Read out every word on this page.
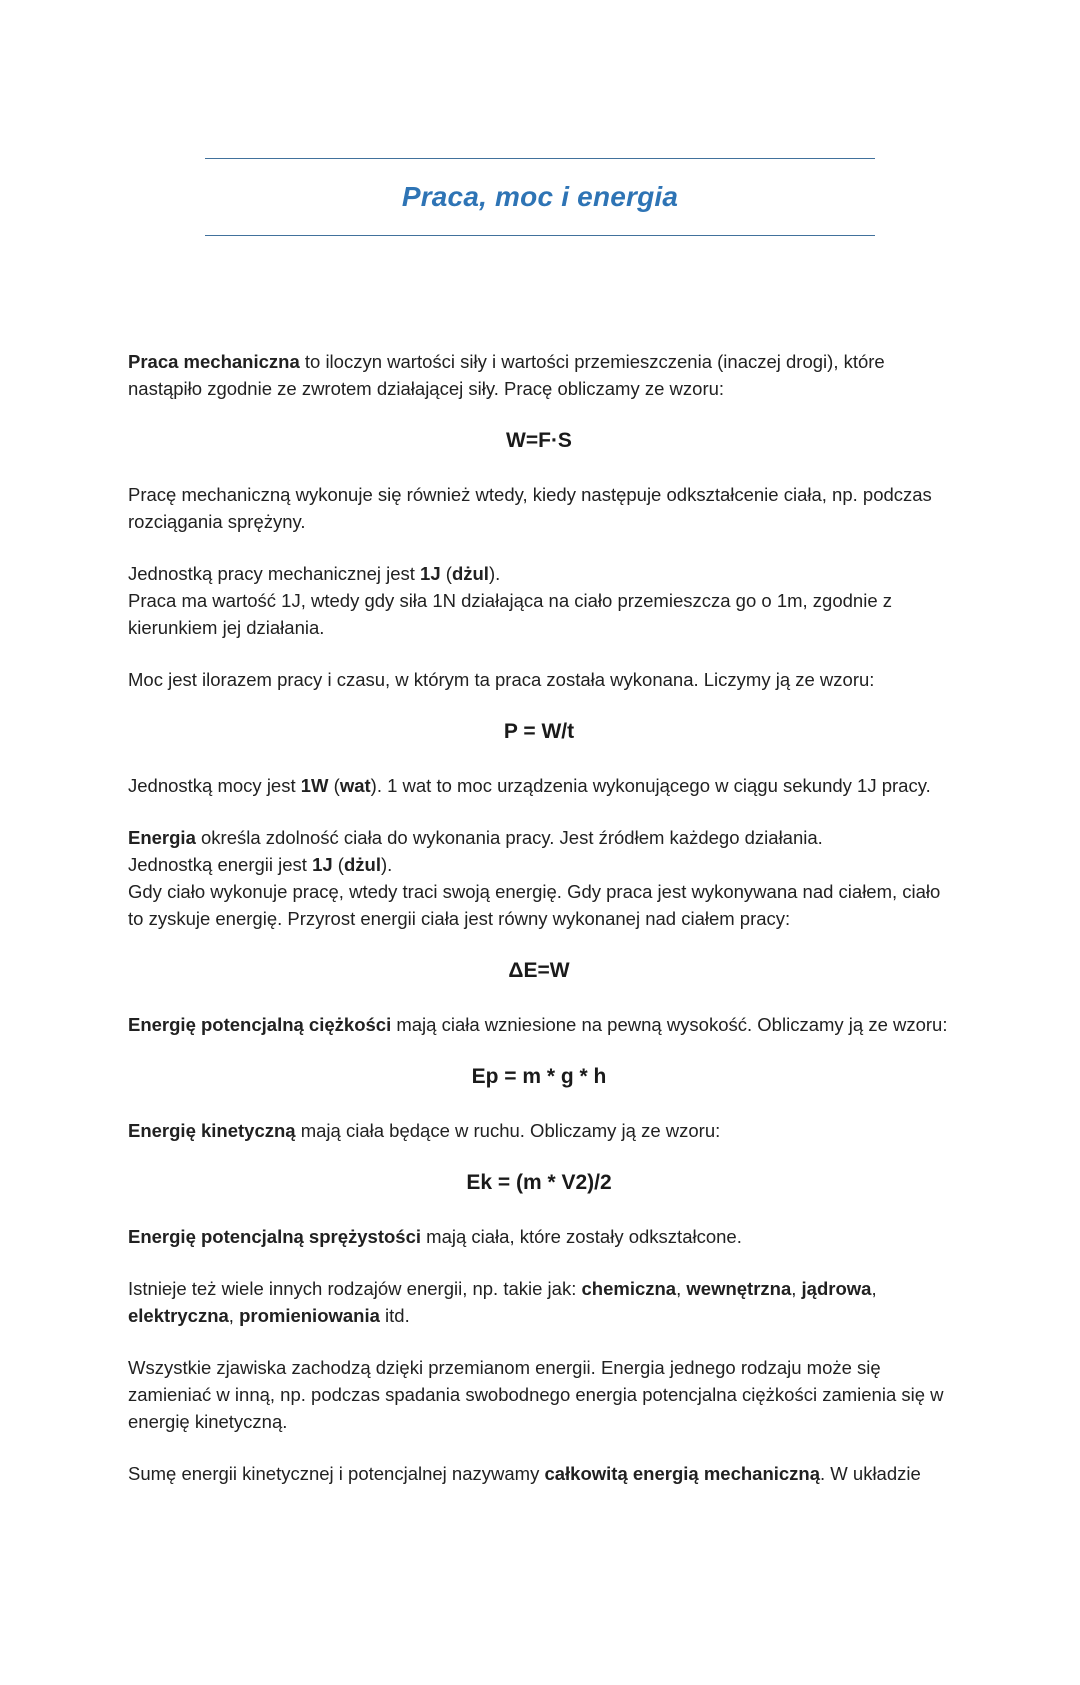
Praca, moc i energia

Praca mechaniczna to iloczyn wartości siły i wartości przemieszczenia (inaczej drogi), które nastąpiło zgodnie ze zwrotem działającej siły. Pracę obliczamy ze wzoru:

W=F·S

Pracę mechaniczną wykonuje się również wtedy, kiedy następuje odkształcenie ciała, np. podczas rozciągania sprężyny.

Jednostką pracy mechanicznej jest 1J (dżul).
Praca ma wartość 1J, wtedy gdy siła 1N działająca na ciało przemieszcza go o 1m, zgodnie z kierunkiem jej działania.

Moc jest ilorazem pracy i czasu, w którym ta praca została wykonana. Liczymy ją ze wzoru:

P = W/t

Jednostką mocy jest 1W (wat). 1 wat to moc urządzenia wykonującego w ciągu sekundy 1J pracy.

Energia określa zdolność ciała do wykonania pracy. Jest źródłem każdego działania.
Jednostką energii jest 1J (dżul).
Gdy ciało wykonuje pracę, wtedy traci swoją energię. Gdy praca jest wykonywana nad ciałem, ciało to zyskuje energię. Przyrost energii ciała jest równy wykonanej nad ciałem pracy:

ΔE=W

Energię potencjalną ciężkości mają ciała wzniesione na pewną wysokość. Obliczamy ją ze wzoru:

Ep = m * g * h

Energię kinetyczną mają ciała będące w ruchu. Obliczamy ją ze wzoru:

Ek = (m * V2)/2

Energię potencjalną sprężystości mają ciała, które zostały odkształcone.

Istnieje też wiele innych rodzajów energii, np. takie jak: chemiczna, wewnętrzna, jądrowa, elektryczna, promieniowania itd.

Wszystkie zjawiska zachodzą dzięki przemianom energii. Energia jednego rodzaju może się zamieniać w inną, np. podczas spadania swobodnego energia potencjalna ciężkości zamienia się w energię kinetyczną.

Sumę energii kinetycznej i potencjalnej nazywamy całkowitą energią mechaniczną. W układzie
